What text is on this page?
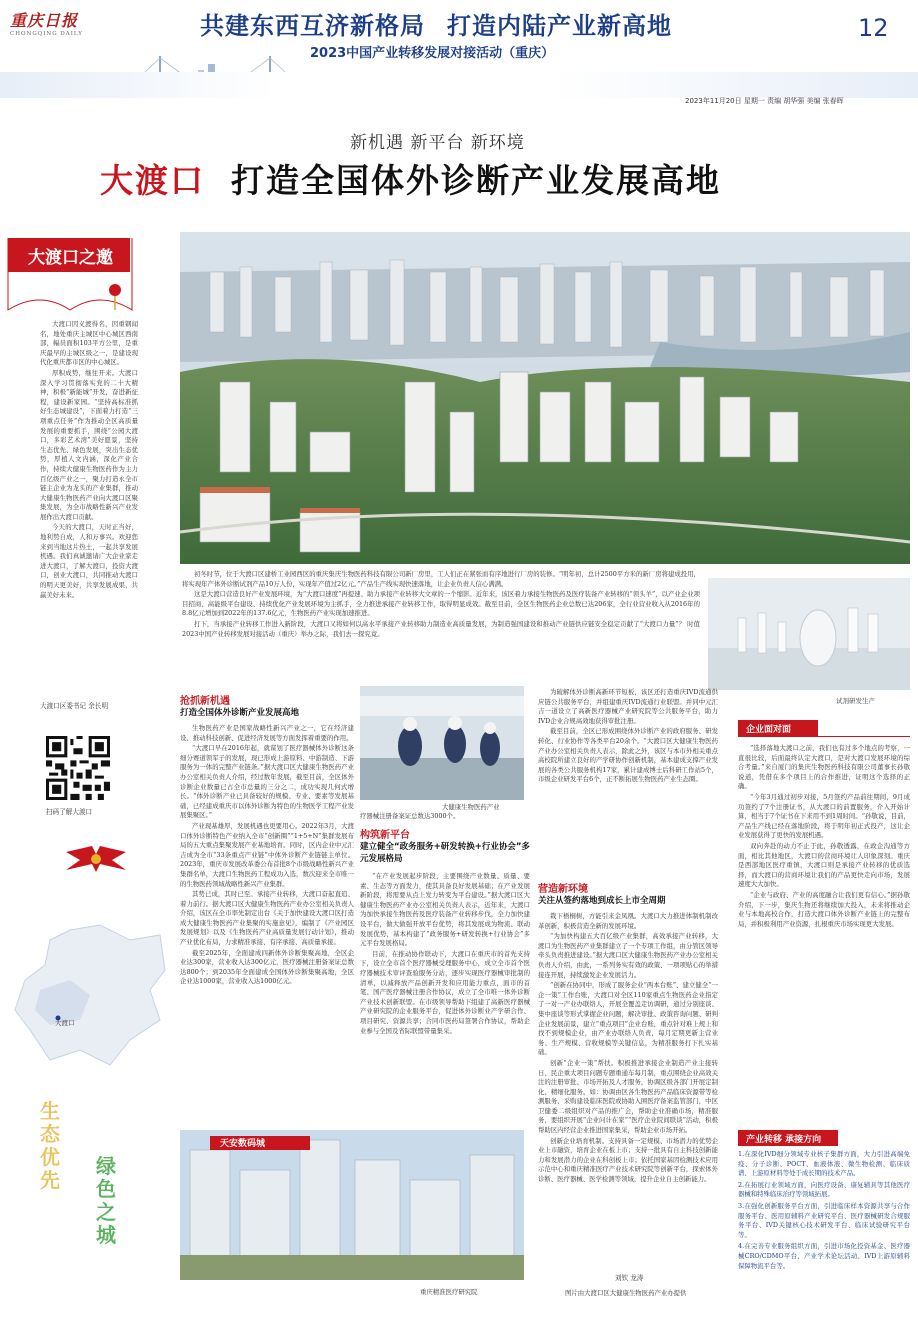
重庆日报
CHONGQING DAILY	共建东西互济新格局 打造内陆产业新高地
2023中国产业转移发展对接活动（重庆）
12
2023年11月20日 星期一 责编 胡华强 美编 张春晖
新机遇 新平台 新环境
大渡口 打造全国体外诊断产业发展高地
大渡口之邀

大渡口因义渡得名，因重钢闻名，地处重庆主城区中心城区西南部，幅员面积103平方公里，是重庆最早的主城区级之一，是建设现代化重庆都市区的中心城区。

厚积成势，继往开来。大渡口深入学习贯彻落实党的二十大精神，积极“新能城”开发，奋进新征程，建设新家园。“坚持高标准抓好生态城建设”，下面着力打造“三项重点任务”作为推动全区高质量发展的重要抓手，围绕“公园大渡口，多彩艺术湾”美好愿景，坚持生态优先、绿色发展，突出生态优势，厚植人文内涵，深化产业合作，持续大健康生物医药作为主力百亿级产业之一，聚力打造永全市链主企业为龙头的产业集群，推动大健康生物医药产业向大渡口区聚集发展，为全市战略性新兴产业发展作出大渡口贡献。

今天的大渡口，天时正当好，地利势自成，人和万事兴。欢迎您来到当地这片热土，一起共享发展机遇。我们真诚邀请广大企业家走进大渡口，了解大渡口，投资大渡口，创业大渡口，共同推动大渡口的明天更美好，共享发展成果，共赢美好未来。

大渡口区委书记 余长明
扫码了解大渡口
大渡口
生态优先
绿色之城

初冬时节，位于大渡口区建桥工业园西区的重庆集庆生物医药科技有限公司新厂房里，工人们正在紧张而有序地进行厂房的装修。“明年初，总计2500平方米的新厂房将建成投用，将实现年产体外诊断试剂产品10万人份，实现年产值过2亿元。”产品生产线实现快速落地，让企业负责人信心满满。

这是大渡口营造良好产业发展环境，为“大渡口速度”再提速、助力承接产业转移大文章的一个缩影。近年来，该区着力承接生物医药及医疗装备产业转移的“领头羊”，以产业企业项目招商、高能级平台建设、持续优化产业发展环境为主抓手，全力推进承接产业转移工作，取得明显成效。截至目前，全区生物医药企业总数已达206家，全行业营业收入从2016年的8.8亿元增加到2022年的137.6亿元，生物医药产业实现加速推进。

打下，当承接产业转移工作进入新阶段，大渡口又将如何以高水平承接产业转移助力制造业高质量发展，为制造强国建设和推动产业链供应链安全稳定贡献了“大渡口力量”？ 时值2023中国产业转移发展对接活动（重庆）举办之际，我们去一探究竟。

试剂研发生产
抢抓新机遇
打造全国体外诊断产业发展高地

生物医药产业是国家战略性新兴产业之一，它在经济建设、推动科技创新、促进经济发展等方面发挥着重要的作用。

“大渡口早在2016年起，就谋划了医疗器械体外诊断这条细分赛道领军子的发展，现已形成上游原料、中游制造、下游服务为一体的完整产业链条。”据大渡口区大健康生物医药产业办公室相关负责人介绍，经过数年发展，截至目前，全区体外诊断企业数量已占全市总量的三分之二，成功实现几何式增长。“体外诊断产业已具备较好的规模、专业、要素等发展基础，已经建成重庆市以体外诊断为特色的生物医学工程产业发展集聚区。”

产业现基雄厚，发展机遇也更要用心。2022年3月，大渡口体外诊断特色产业纳入全市“创新圈”“1+5+N”集群发展布局的五大重点集聚发展产业基地培育。同时，区内企业中元汇吉成为全市“33条重点产业链”中体外诊断产业链链主单位。2023年，重庆市发展改革委公布首批8个市级战略性新兴产业集群名单，大渡口生物医药工程成功入选，数次迎来全市唯一的生物医药领域战略性新兴产业集群。

其势已成，其时已至。承接产业转移，大渡口奋起直追、着力前行。据大渡口区大健康生物医药产业办公室相关负责人介绍，该区在全市率先制定出台《关于加快建设大渡口区打造成大健康生物医药产业集聚的实施意见》，编制了《产业园区发展规划》以及《生物医药产业高质量发展行动计划》，推动产业优化布局，力求精准承接、有序承接、高质量承接。

截至2025年，全面建成四新体外诊断集聚高地，全区企业达300家，营业收入达300亿元，医疗器械注册备案证总数达800个；到2035年全面建成全国体外诊断集聚高地，全区企业达1000家，营业收入达1000亿元。

大健康生物医药产业
疗器械注册备案证总数达3000个。
构筑新平台
建立健全“政务服务+研发转换+行业协会”多元发展格局

“在产业发展起步阶段，主要围绕产业数量、质量、要素、生态等方面发力，使其具备良好发展基础；在产业发展新阶段，将需要从点上发力转变为平台建设。”据大渡口区大健康生物医药产业办公室相关负责人表示，近年来，大渡口为加快承接生物医药及医疗装备产业转移步伐，全力加快建设平台，做大做强开放平台优势，将其发展成为物流、联动发展优势，基本构建了“政务服务+研发转换+行业协会”多元平台发展格局。

目前，在推动协作联动下，大渡口在重庆市的首先支持下，设立全市首个医疗器械受理服务中心，成立全市首个医疗器械技术审评查验服务分站，逐步实现医疗器械审批制的清单，以减释放产品创新开发和应用能力重点，面市的首笔、国产医疗器械注册合作协议，成立了全市唯一体外诊断产业技术创新联盟。在市级领导帮助下组建了高新医疗器械产业研究院的企业服务平台，促进体外诊断业产学研合作、项目研究、资源共享；合同市医药局签署合作协议，帮助企业参与全国及省际联盟带量集采。

为破解体外诊断高新环节短板，该区还打造重庆IVD流通供应链公共服务平台，并组建重庆IVD流通行业联盟。并同中元汇吉一道设立了高新医疗器械产业研究院等公共服务平台，助力IVD企业合规高效地获得审批注册。

截至目前，全区已形成围绕体外诊断产业的政府服务、研发转化、行业协作等各类平台20余个。“大渡口区大健康生物医药产业办公室相关负责人表示，除此之外，该区与本市外相关重点高校院所建立良好的产学研协作创新机制，基本建成支撑产业发展的各类公共服务机构17家，累计建成博士后科研工作站5个，市级企业研发平台6个，正不断拓展生物医药产业生态圈。

营造新环境
关注从签约落地到成长上市全周期

栽下梧桐树，方能引来金凤凰。大渡口大力推进体制机制改革创新，积极营造全新的发展环境。

“为加快构建五大百亿级产业集群，高效承接产业转移，大渡口为生物医药产业集群建立了一个专项工作组，由分管区领导牵头负责推进建设。”据大渡口区大健康生物医药产业办公室相关负责人介绍，由此，一系列务实有效的政策、一项项贴心的举措接连开展，持续激发企业发展活力。

“创新在协同中，形成了服务企业“两本台账”、建立健全“一企一策”工作台账，大渡口对全区110家重点生物医药企业指定了一对一产业办联络人，开展全覆盖走访调研，通过分别座谈、集中座谈等形式掌握企业问题，解决审批、政策咨询问题、研判企业发展前景，建立“重点项目”企业台账，重点针对难上规上和找不到规模企业，由产业办联络人负责，每月定期更新主营业务、生产规模、营收规模等关键信息，为精准服务打下扎实基础。

创新“企业一策”帮扶。积极推进承接企业制造产业主接转日、民企重大项目问题专题重通车每月制，重点围绕企业高效关注的注册审批、市场开拓及人才服务，协调区级各部门开展定制化、精细化服务。如：协调由区各生物医药产品临床资源带等检测服务、采购建设临床医院或协助入围医疗备案监管部门，中区卫健委二级组织对产品的推广会，帮助企业准确市场，精准服务，要组织开展“企业问计在家”“医疗企业院间联谈”活动，积极帮助区内经营企业推进国家集采，帮助企业市场开拓。

创新企业培育机制。支持具备一定规模、市场潜力的优势企业上市融资，培育企业在板上市；支持一批具有自主科技创新能力和发展潜力的企业在科创板上市；依托国家基因检测技术应用示范中心和重庆精准医疗产业技术研究院等创新平台，探索体外诊断、医疗器械、医学检测等领域，提升企业自主创新能力。

刘钦 龙涛
图片由大渡口区大健康生物医药产业办提供
天安数码城
重庆精准医疗研究院
企业面对面

“选择落地大渡口之前，我们也有过多个地点的考察，一直很比较，后面最终认定大渡口，是对大渡口发展环境的综合考量。”来自厦门的集庆生物医药科技有限公司董事长孙敬说道，凭借在多个项目上的合作推进，证明这个选择的正确。

“今年3月通过初步对接，5月签约产品前往期间，9月成功签约了7个注册证书，从大渡口的前置服务，介入开始计算，相当于7个证书在下来用不到1周时间。“孙敬说，目前，产品生产线已经在落地阶段，将于明年初正式投产，这让企业发展获得了更快的发展机遇。

双向奔赴的动力不止于此，孙敬透露，在政企沟通等方面，相比其他地区，大渡口的营商环境让人印象深刻。重庆是西部地区医疗重镇，大渡口则是承接产业转移的优质选择，而大渡口的营商环境让我们的产品更快走向市场，发展速度大大加快。

“企业与政府、产业的高度融合让我们更有信心。”据孙敬介绍，下一步，集庆生物还将继续加大投入，未来将推动企业与本地高校合作，打造大渡口体外诊断产业链上的完整布局，并积极利用产业资源，扎根重庆市场实现更大发展。

产业转移 承接方向

1.在深化IVD细分领域专业核子集群方面，大力引进高端免疫、分子诊断、POCT、血液体液、微生物检测、临床质谱、上游原材料等处于成长期的技术产品。

2.在拓展行业领域方面，向医疗设备、康复辅具等其他医疗器械和特殊临床治疗等领域拓展。

3.在强化创新服务平台方面，引进临床样本资源共享与合作服务平台、医用原辅料产业研究平台、医疗器械研发合规服务平台、IVD关键核心技术研发平台、临床试验研究平台等。

4.在完善专业服务组织方面，引进市场化投资基金、医疗器械CRO/CDMO平台、产业学术论坛活动、IVD上游原辅料保障物流平台等。
